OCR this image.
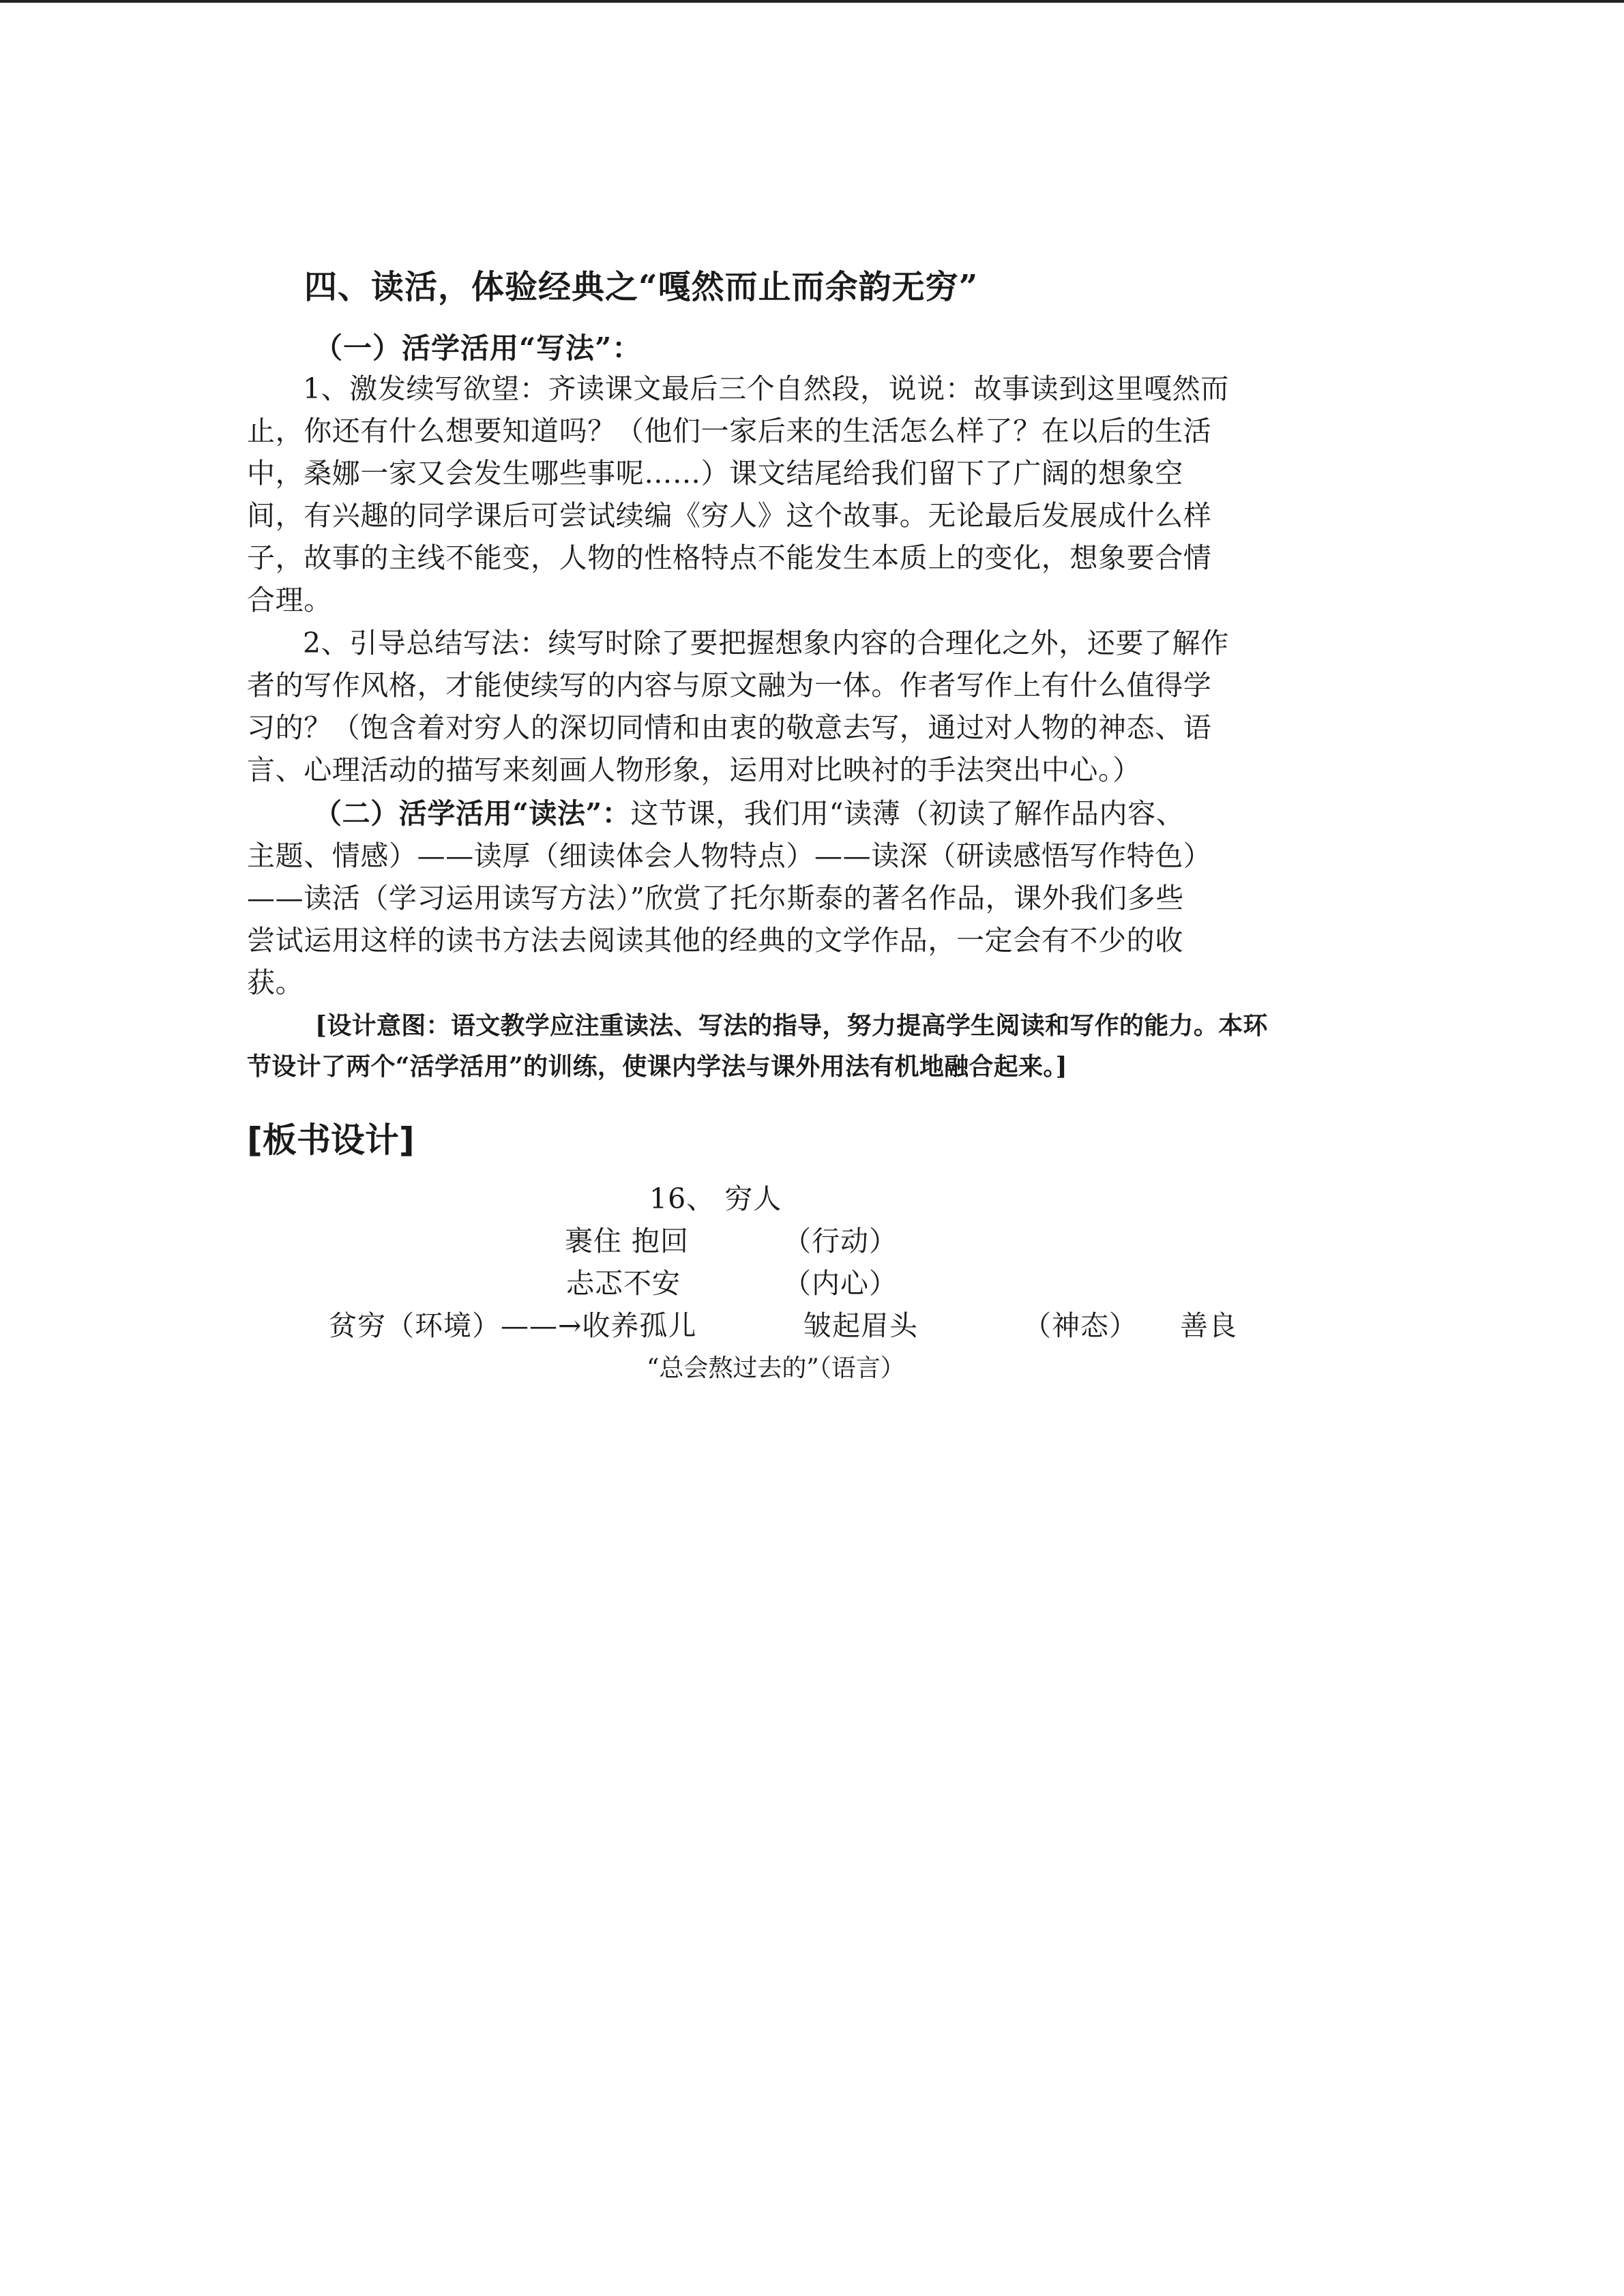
四、读活，体验经典之“嘎然而止而余韵无穷”
（一）活学活用“写法”：
1、激发续写欲望：齐读课文最后三个自然段，说说：故事读到这里嘎然而
止，你还有什么想要知道吗？（他们一家后来的生活怎么样了？在以后的生活
中，桑娜一家又会发生哪些事呢……）课文结尾给我们留下了广阔的想象空
间，有兴趣的同学课后可尝试续编《穷人》这个故事。无论最后发展成什么样
子，故事的主线不能变，人物的性格特点不能发生本质上的变化，想象要合情
合理。
2、引导总结写法：续写时除了要把握想象内容的合理化之外，还要了解作
者的写作风格，才能使续写的内容与原文融为一体。作者写作上有什么值得学
习的？（饱含着对穷人的深切同情和由衷的敬意去写，通过对人物的神态、语
言、心理活动的描写来刻画人物形象，运用对比映衬的手法突出中心。）
（二）活学活用“读法”：这节课，我们用“读薄（初读了解作品内容、
主题、情感）——读厚（细读体会人物特点）——读深（研读感悟写作特色）
——读活（学习运用读写方法）”欣赏了托尔斯泰的著名作品，课外我们多些
尝试运用这样的读书方法去阅读其他的经典的文学作品，一定会有不少的收
获。
[设计意图：语文教学应注重读法、写法的指导，努力提高学生阅读和写作的能力。本环
节设计了两个“活学活用”的训练，使课内学法与课外用法有机地融合起来。]
[板书设计]
16、 穷人
裹住 抱回	（行动）
忐忑不安	（内心）
贫穷（环境）——→收养孤儿	皱起眉头	（神态） 善良
“总会熬过去的”（语言）
